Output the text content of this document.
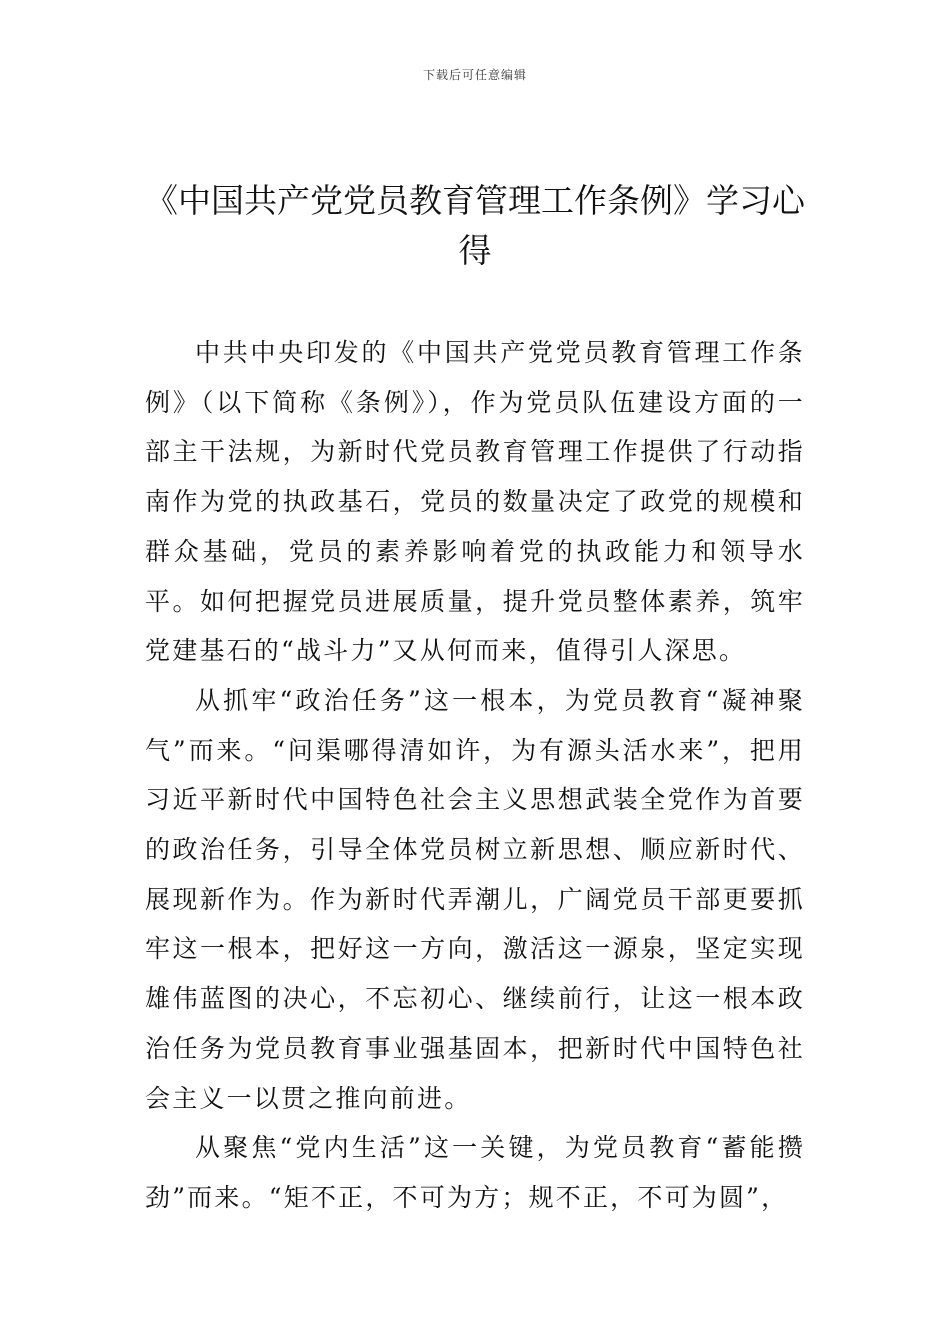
下载后可任意编辑
《中国共产党党员教育管理工作条例》学习心得

中共中央印发的《中国共产党党员教育管理工作条例》（以下简称《条例》），作为党员队伍建设方面的一部主干法规，为新时代党员教育管理工作提供了行动指南作为党的执政基石，党员的数量决定了政党的规模和群众基础，党员的素养影响着党的执政能力和领导水平。如何把握党员进展质量，提升党员整体素养，筑牢党建基石的“战斗力”又从何而来，值得引人深思。

从抓牢“政治任务”这一根本，为党员教育“凝神聚气”而来。“问渠哪得清如许，为有源头活水来”，把用习近平新时代中国特色社会主义思想武装全党作为首要的政治任务，引导全体党员树立新思想、顺应新时代、展现新作为。作为新时代弄潮儿，广阔党员干部更要抓牢这一根本，把好这一方向，激活这一源泉，坚定实现雄伟蓝图的决心，不忘初心、继续前行，让这一根本政治任务为党员教育事业强基固本，把新时代中国特色社会主义一以贯之推向前进。

从聚焦“党内生活”这一关键，为党员教育“蓄能攒劲”而来。“矩不正，不可为方；规不正，不可为圆”，
